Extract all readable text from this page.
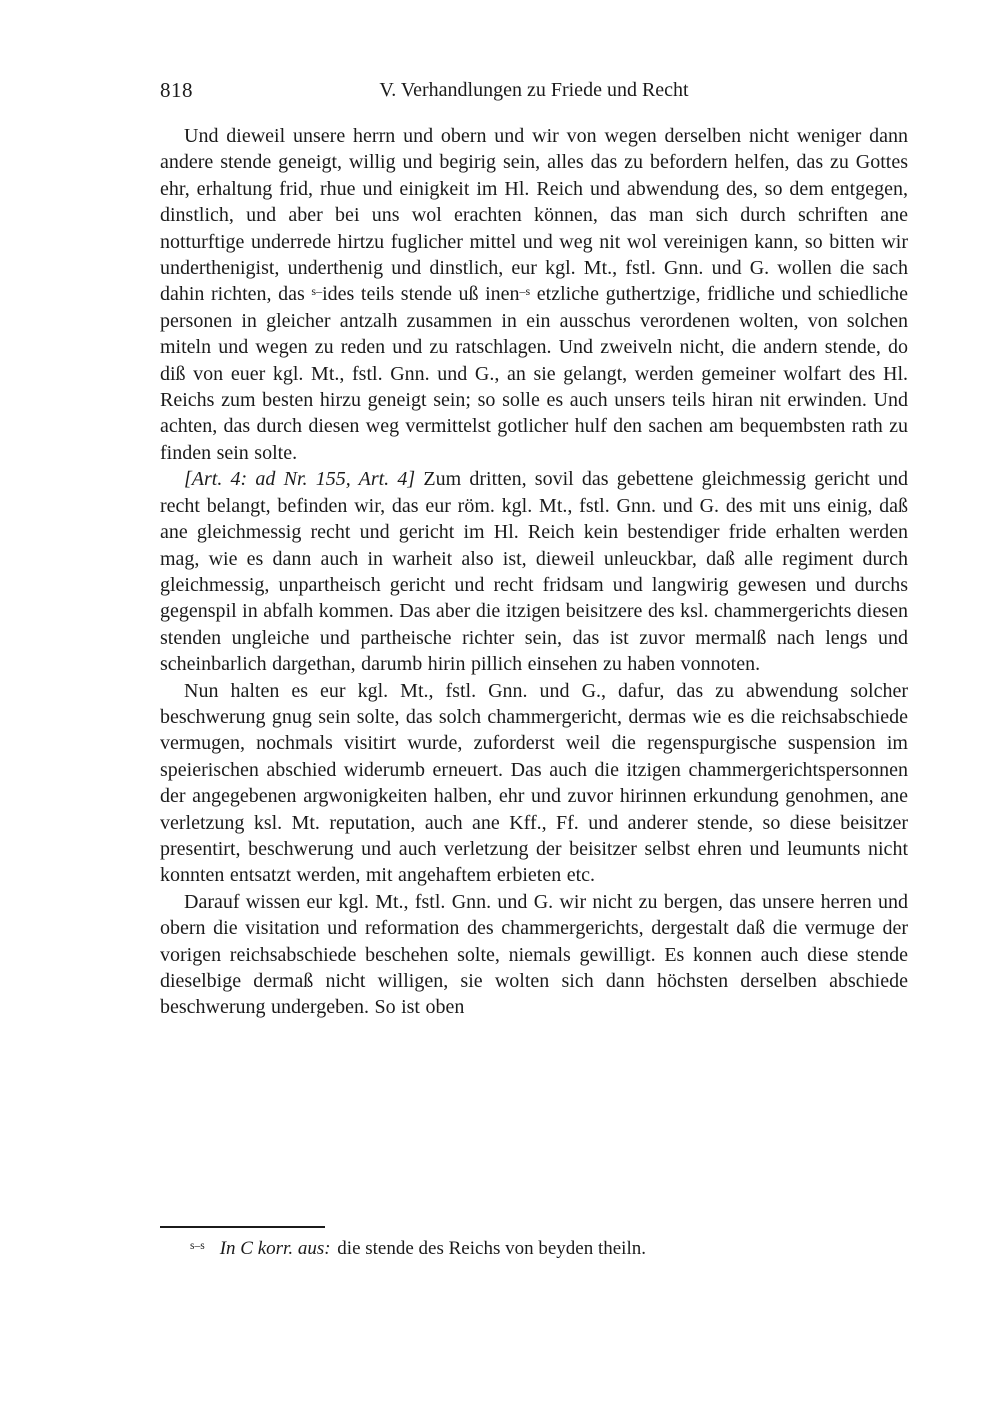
818	V. Verhandlungen zu Friede und Recht

Und dieweil unsere herrn und obern und wir von wegen derselben nicht weniger dann andere stende geneigt, willig und begirig sein, alles das zu befordern helfen, das zu Gottes ehr, erhaltung frid, rhue und einigkeit im Hl. Reich und abwendung des, so dem entgegen, dinstlich, und aber bei uns wol erachten können, das man sich durch schriften ane notturftige underrede hirtzu fuglicher mittel und weg nit wol vereinigen kann, so bitten wir underthenigist, underthenig und dinstlich, eur kgl. Mt., fstl. Gnn. und G. wollen die sach dahin richten, das $^{s-}$ides teils stende uß inen$^{-s}$ etzliche guthertzige, fridliche und schiedliche personen in gleicher antzalh zusammen in ein ausschus verordenen wolten, von solchen miteln und wegen zu reden und zu ratschlagen. Und zweiveln nicht, die andern stende, do diß von euer kgl. Mt., fstl. Gnn. und G., an sie gelangt, werden gemeiner wolfart des Hl. Reichs zum besten hirzu geneigt sein; so solle es auch unsers teils hiran nit erwinden. Und achten, das durch diesen weg vermittelst gotlicher hulf den sachen am bequembsten rath zu finden sein solte.

[Art. 4: ad Nr. 155, Art. 4] Zum dritten, sovil das gebettene gleichmessig gericht und recht belangt, befinden wir, das eur röm. kgl. Mt., fstl. Gnn. und G. des mit uns einig, daß ane gleichmessig recht und gericht im Hl. Reich kein bestendiger fride erhalten werden mag, wie es dann auch in warheit also ist, dieweil unleuckbar, daß alle regiment durch gleichmessig, unpartheisch gericht und recht fridsam und langwirig gewesen und durchs gegenspil in abfalh kommen. Das aber die itzigen beisitzere des ksl. chammergerichts diesen stenden ungleiche und partheische richter sein, das ist zuvor mermalß nach lengs und scheinbarlich dargethan, darumb hirin pillich einsehen zu haben vonnoten.

Nun halten es eur kgl. Mt., fstl. Gnn. und G., dafur, das zu abwendung solcher beschwerung gnug sein solte, das solch chammergericht, dermas wie es die reichsabschiede vermugen, nochmals visitirt wurde, zuforderst weil die regenspurgische suspension im speierischen abschied widerumb erneuert. Das auch die itzigen chammergerichtspersonnen der angegebenen argwonigkeiten halben, ehr und zuvor hirinnen erkundung genohmen, ane verletzung ksl. Mt. reputation, auch ane Kff., Ff. und anderer stende, so diese beisitzer presentirt, beschwerung und auch verletzung der beisitzer selbst ehren und leumunts nicht konnten entsatzt werden, mit angehaftem erbieten etc.

Darauf wissen eur kgl. Mt., fstl. Gnn. und G. wir nicht zu bergen, das unsere herren und obern die visitation und reformation des chammergerichts, dergestalt daß die vermuge der vorigen reichsabschiede beschehen solte, niemals gewilligt. Es konnen auch diese stende dieselbige dermaß nicht willigen, sie wolten sich dann höchsten derselben abschiede beschwerung undergeben. So ist oben

$^{s-s}$ In C korr. aus: die stende des Reichs von beyden theiln.
